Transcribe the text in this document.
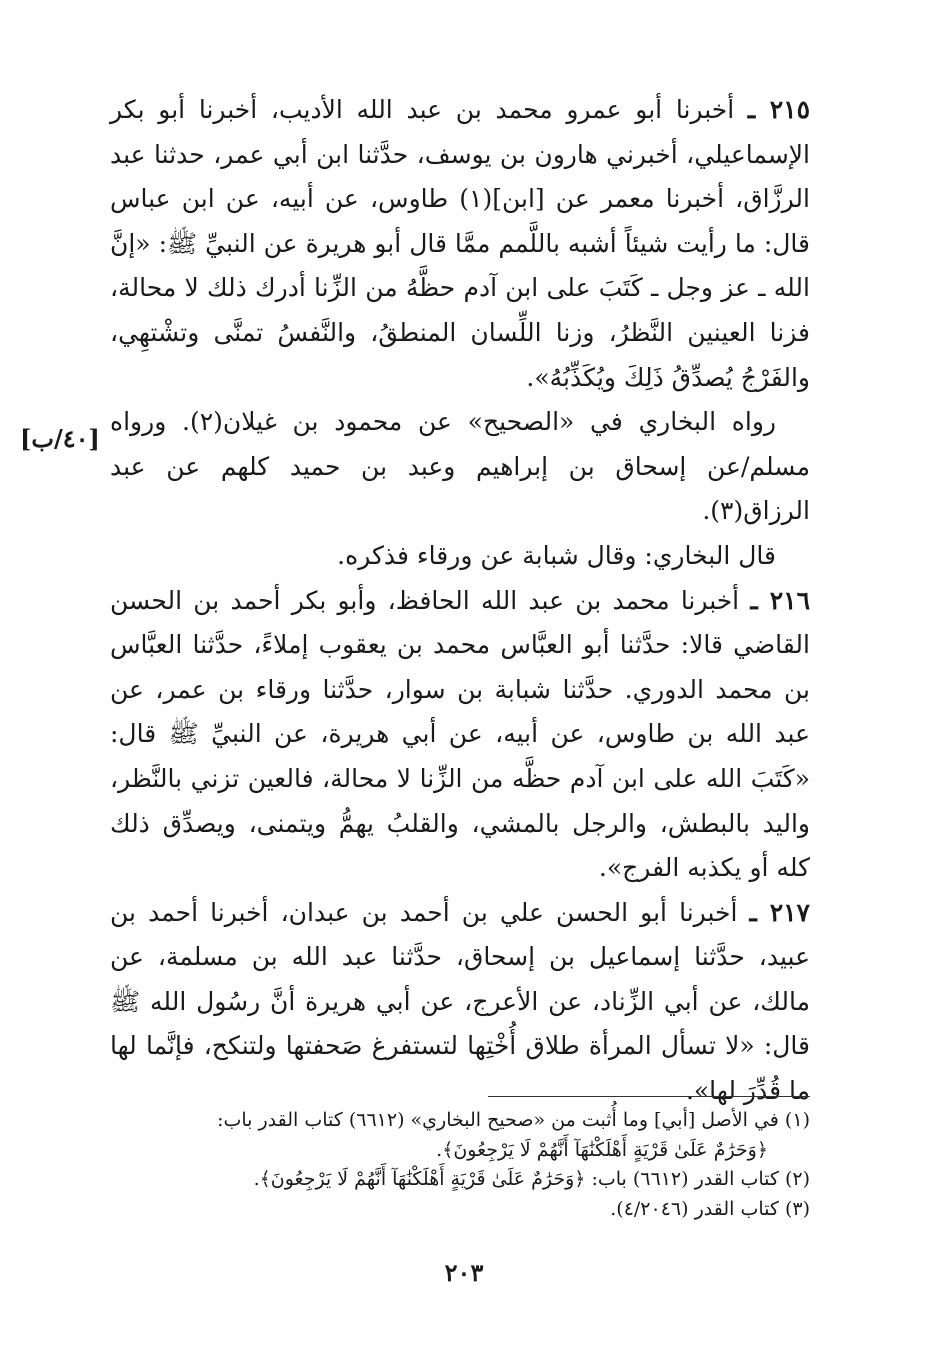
٢١٥ ـ أخبرنا أبو عمرو محمد بن عبد الله الأديب، أخبرنا أبو بكر الإسماعيلي، أخبرني هارون بن يوسف، حدَّثنا ابن أبي عمر، حدثنا عبد الرزَّاق، أخبرنا معمر عن [ابن](١) طاوس، عن أبيه، عن ابن عباس قال: ما رأيت شيئاً أشبه باللَّمم ممَّا قال أبو هريرة عن النبيِّ ﷺ: «إنَّ الله ـ عز وجل ـ كَتَبَ على ابن آدم حظَّهُ من الزِّنا أدرك ذلك لا محالة، فزنا العينين النَّظرُ، وزنا اللِّسان المنطقُ، والنَّفسُ تمنَّى وتشْتهِي، والفَرْجُ يُصدِّقُ ذَلِكَ ويُكَذِّبُهُ».

رواه البخاري في «الصحيح» عن محمود بن غيلان(٢). ورواه مسلم/عن إسحاق بن إبراهيم وعبد بن حميد كلهم عن عبد الرزاق(٣).

قال البخاري: وقال شبابة عن ورقاء فذكره.

٢١٦ ـ أخبرنا محمد بن عبد الله الحافظ، وأبو بكر أحمد بن الحسن القاضي قالا: حدَّثنا أبو العبَّاس محمد بن يعقوب إملاءً، حدَّثنا العبَّاس بن محمد الدوري. حدَّثنا شبابة بن سوار، حدَّثنا ورقاء بن عمر، عن عبد الله بن طاوس، عن أبيه، عن أبي هريرة، عن النبيِّ ﷺ قال: «كَتَبَ الله على ابن آدم حظَّه من الزِّنا لا محالة، فالعين تزني بالنَّظر، واليد بالبطش، والرجل بالمشي، والقلبُ يهمُّ ويتمنى، ويصدِّق ذلك كله أو يكذبه الفرج».

٢١٧ ـ أخبرنا أبو الحسن علي بن أحمد بن عبدان، أخبرنا أحمد بن عبيد، حدَّثنا إسماعيل بن إسحاق، حدَّثنا عبد الله بن مسلمة، عن مالك، عن أبي الزِّناد، عن الأعرج، عن أبي هريرة أنَّ رسُول الله ﷺ قال: «لا تسأل المرأة طلاق أُخْتِها لتستفرغ صَحفتها ولتنكح، فإنَّما لها ما قُدِّرَ لها».

[٤٠/ب]

(١) في الأصل [أبي] وما أُثبت من «صحيح البخاري» (٦٦١٢) كتاب القدر باب:

﴿وَحَرَٰمٌ عَلَىٰ قَرْيَةٍ أَهْلَكْنَٰهَآ أَنَّهُمْ لَا يَرْجِعُونَ﴾.

(٢) كتاب القدر (٦٦١٢) باب: ﴿وَحَرَٰمٌ عَلَىٰ قَرْيَةٍ أَهْلَكْنَٰهَآ أَنَّهُمْ لَا يَرْجِعُونَ﴾.

(٣) كتاب القدر (٤/٢٠٤٦).

٢٠٣
